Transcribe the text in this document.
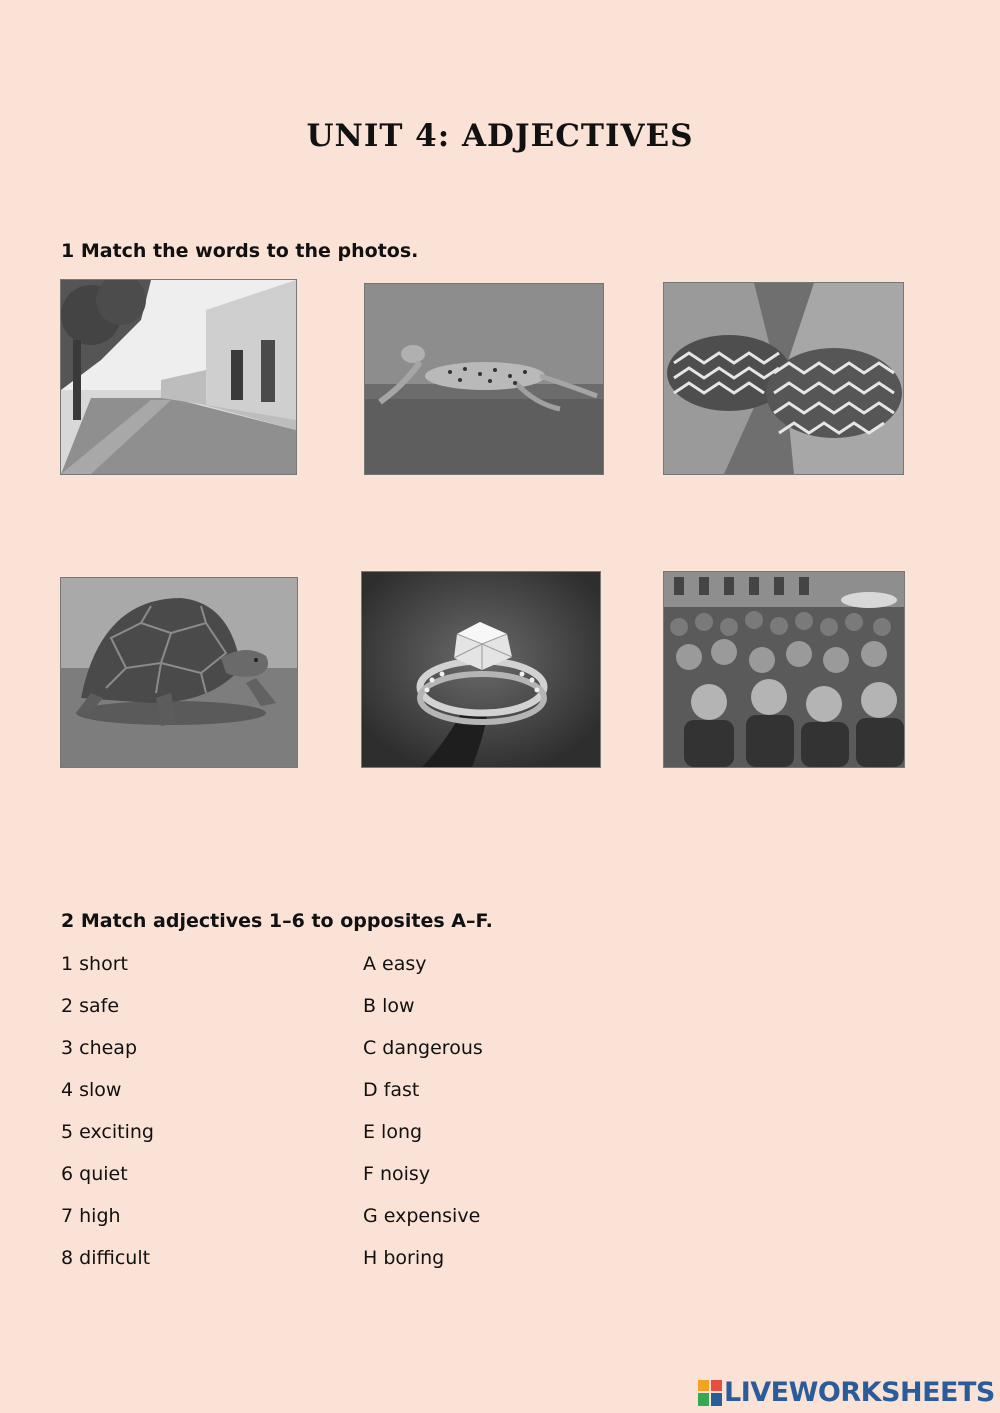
UNIT 4: ADJECTIVES
1 Match the words to the photos.
2 Match adjectives 1–6 to opposites A–F.
1 short
2 safe
3 cheap
4 slow
5 exciting
6 quiet
7 high
8 difficult
A easy
B low
C dangerous
D fast
E long
F noisy
G expensive
H boring
LIVEWORKSHEETS
